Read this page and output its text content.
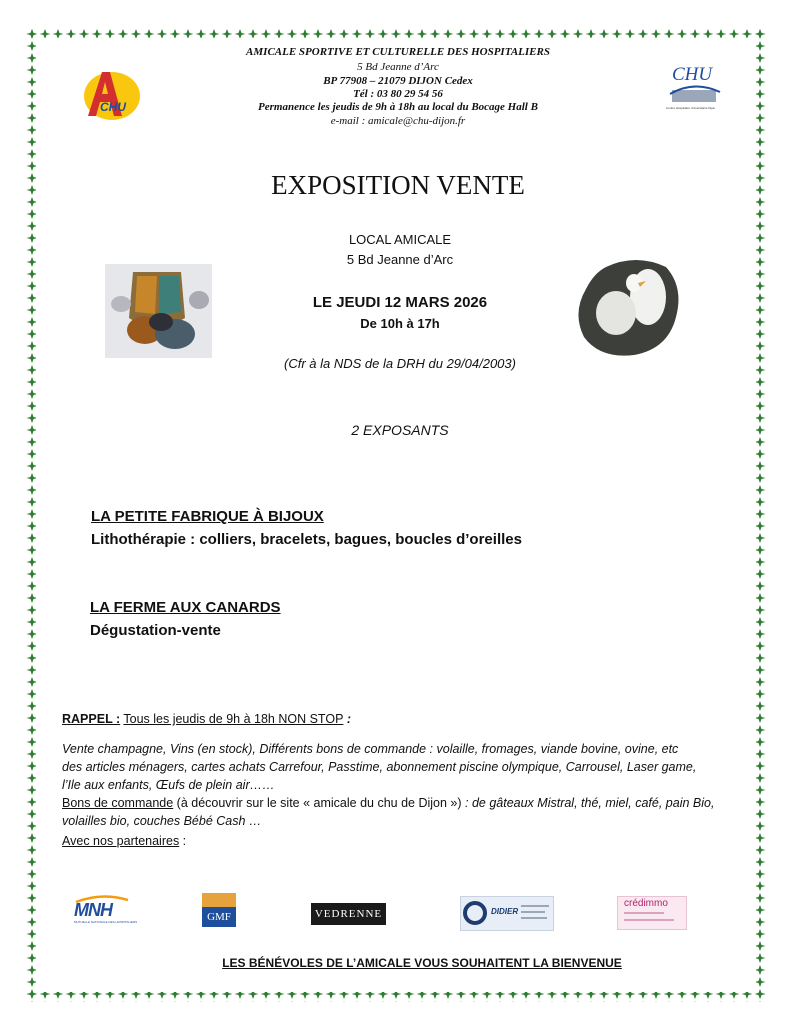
CHU
CHU
Centre Hospitalier Universitaire Dijon
AMICALE SPORTIVE ET CULTURELLE DES HOSPITALIERS
5 Bd Jeanne d’Arc
BP 77908 – 21079 DIJON Cedex
Tél : 03 80 29 54 56
Permanence les jeudis de 9h à 18h au local du Bocage Hall B
e-mail : amicale@chu-dijon.fr
EXPOSITION VENTE
LOCAL AMICALE
5 Bd Jeanne d’Arc
LE JEUDI 12 MARS 2026
De 10h à 17h
(Cfr à la NDS de la DRH du 29/04/2003)
2 EXPOSANTS
LA PETITE FABRIQUE À BIJOUX
Lithothérapie : colliers, bracelets, bagues, boucles d’oreilles
LA FERME AUX CANARDS
Dégustation-vente
RAPPEL : Tous les jeudis de 9h à 18h NON STOP :
Vente champagne, Vins (en stock), Différents bons de commande : volaille, fromages, viande bovine, ovine, etc
des articles ménagers, cartes achats Carrefour, Passtime, abonnement piscine olympique, Carrousel, Laser game,
l’Ile aux enfants, Œufs de plein air……
Bons de commande (à découvrir sur le site « amicale du chu de Dijon ») : de gâteaux Mistral, thé, miel, café, pain Bio,
volailles bio, couches Bébé Cash …
Avec nos partenaires :
MNH
MUTUELLE NATIONALE DES HOSPITALIERS	GMF	VEDRENNE	DIDIER
crédimmo
LES BÉNÉVOLES DE L’AMICALE VOUS SOUHAITENT LA BIENVENUE
